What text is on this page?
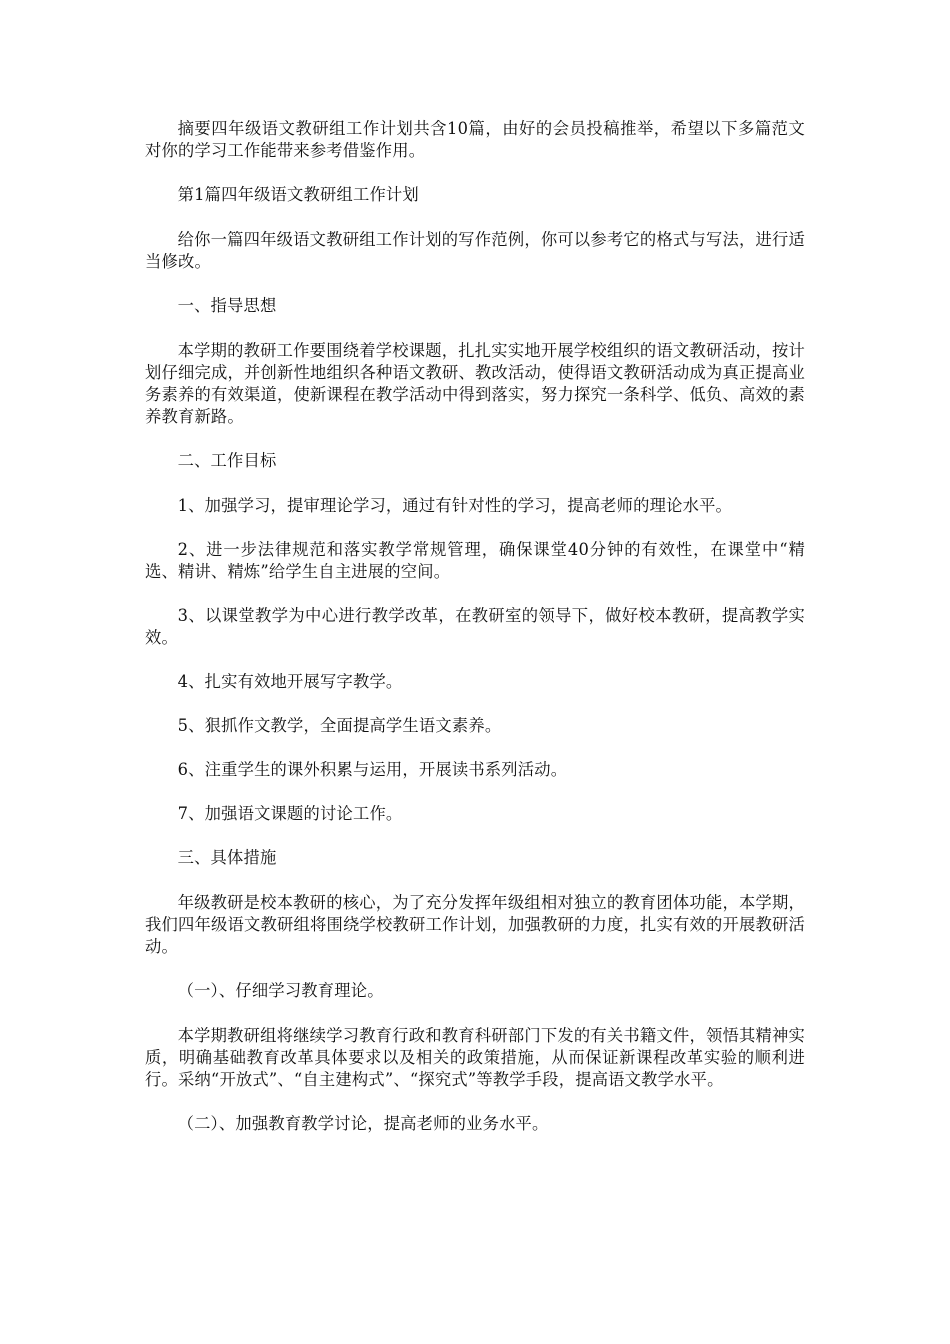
摘要四年级语文教研组工作计划共含10篇，由好的会员投稿推举，希望以下多篇范文对你的学习工作能带来参考借鉴作用。

第1篇四年级语文教研组工作计划

给你一篇四年级语文教研组工作计划的写作范例，你可以参考它的格式与写法，进行适当修改。

一、指导思想

本学期的教研工作要围绕着学校课题，扎扎实实地开展学校组织的语文教研活动，按计划仔细完成，并创新性地组织各种语文教研、教改活动，使得语文教研活动成为真正提高业务素养的有效渠道，使新课程在教学活动中得到落实，努力探究一条科学、低负、高效的素养教育新路。

二、工作目标

1、加强学习，提审理论学习，通过有针对性的学习，提高老师的理论水平。

2、进一步法律规范和落实教学常规管理，确保课堂40分钟的有效性，在课堂中“精选、精讲、精炼”给学生自主进展的空间。

3、以课堂教学为中心进行教学改革，在教研室的领导下，做好校本教研，提高教学实效。

4、扎实有效地开展写字教学。

5、狠抓作文教学，全面提高学生语文素养。

6、注重学生的课外积累与运用，开展读书系列活动。

7、加强语文课题的讨论工作。

三、具体措施

年级教研是校本教研的核心，为了充分发挥年级组相对独立的教育团体功能，本学期，我们四年级语文教研组将围绕学校教研工作计划，加强教研的力度，扎实有效的开展教研活动。

（一）、仔细学习教育理论。

本学期教研组将继续学习教育行政和教育科研部门下发的有关书籍文件，领悟其精神实质，明确基础教育改革具体要求以及相关的政策措施，从而保证新课程改革实验的顺利进行。采纳“开放式”、“自主建构式”、“探究式”等教学手段，提高语文教学水平。

（二）、加强教育教学讨论，提高老师的业务水平。
